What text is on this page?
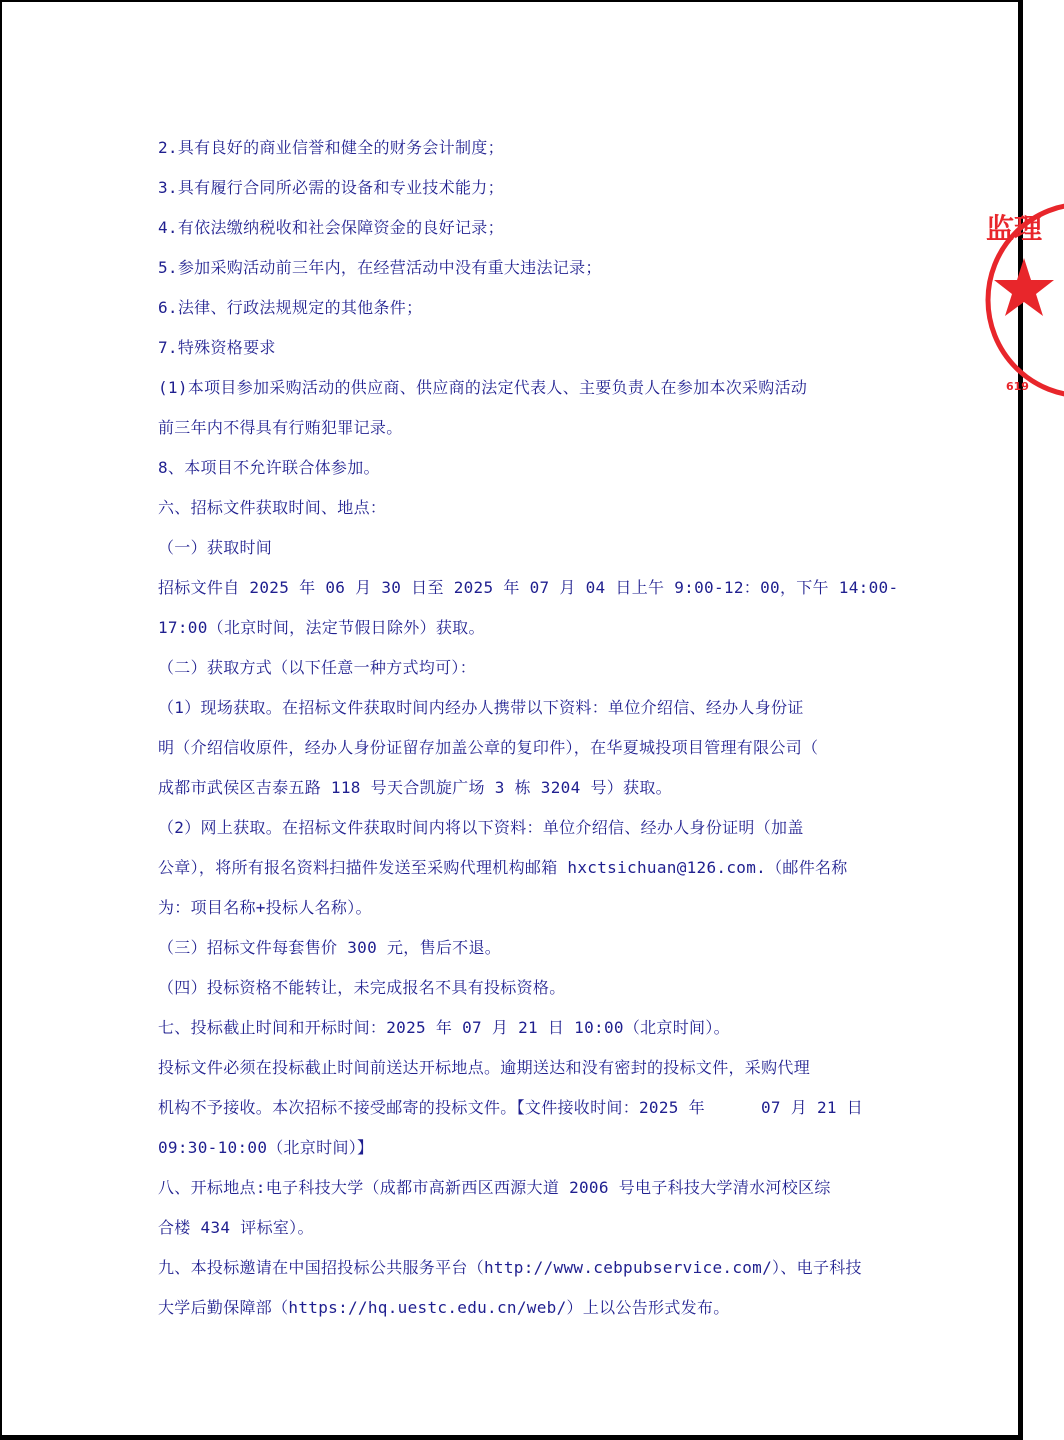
2.具有良好的商业信誉和健全的财务会计制度；
3.具有履行合同所必需的设备和专业技术能力；
4.有依法缴纳税收和社会保障资金的良好记录；
5.参加采购活动前三年内，在经营活动中没有重大违法记录；
6.法律、行政法规规定的其他条件；
7.特殊资格要求
(1)本项目参加采购活动的供应商、供应商的法定代表人、主要负责人在参加本次采购活动
前三年内不得具有行贿犯罪记录。
8、本项目不允许联合体参加。
六、招标文件获取时间、地点：
（一）获取时间
招标文件自 2025 年 06 月 30 日至 2025 年 07 月 04 日上午 9:00-12：00，下午 14:00-
17:00（北京时间，法定节假日除外）获取。
（二）获取方式（以下任意一种方式均可）：
（1）现场获取。在招标文件获取时间内经办人携带以下资料：单位介绍信、经办人身份证
明（介绍信收原件，经办人身份证留存加盖公章的复印件），在华夏城投项目管理有限公司（
成都市武侯区吉泰五路 118 号天合凯旋广场 3 栋 3204 号）获取。
（2）网上获取。在招标文件获取时间内将以下资料：单位介绍信、经办人身份证明（加盖
公章），将所有报名资料扫描件发送至采购代理机构邮箱 hxctsichuan@126.com.（邮件名称
为：项目名称+投标人名称）。
（三）招标文件每套售价 300 元，售后不退。
（四）投标资格不能转让，未完成报名不具有投标资格。
七、投标截止时间和开标时间：2025 年 07 月 21 日 10:00（北京时间）。
投标文件必须在投标截止时间前送达开标地点。逾期送达和没有密封的投标文件，采购代理
机构不予接收。本次招标不接受邮寄的投标文件。【文件接收时间：2025 年	07 月 21 日
09:30-10:00（北京时间）】
八、开标地点:电子科技大学（成都市高新西区西源大道 2006 号电子科技大学清水河校区综
合楼 434 评标室）。
九、本投标邀请在中国招投标公共服务平台（http://www.cebpubservice.com/）、电子科技
大学后勤保障部（https://hq.uestc.edu.cn/web/）上以公告形式发布。
监理
619
